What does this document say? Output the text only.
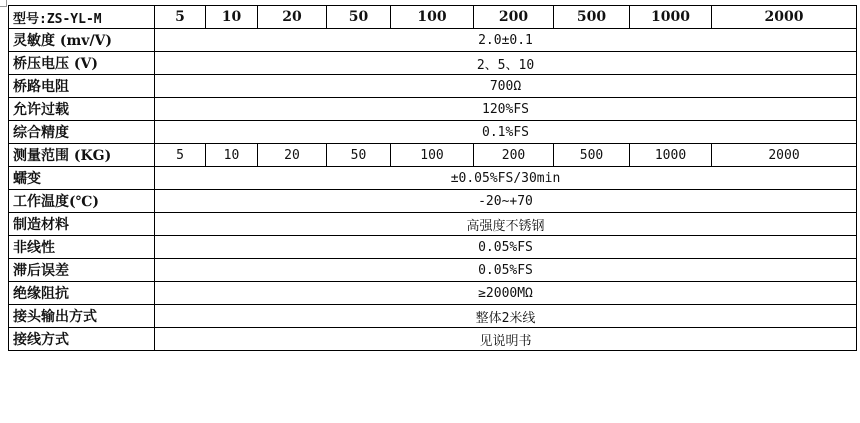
型号:ZS-YL-M	5	10	20	50	100	200	500	1000	2000
灵敏度 (mv/V)	2.0±0.1								
桥压电压 (V)	2、5、10								
桥路电阻	700Ω								
允许过载	120%FS								
综合精度	0.1%FS								
测量范围 (KG)	5	10	20	50	100	200	500	1000	2000
蠕变	±0.05%FS/30min								
工作温度(℃)	-20~+70								
制造材料	高强度不锈钢								
非线性	0.05%FS								
滞后误差	0.05%FS								
绝缘阻抗	≥2000MΩ								
接头输出方式	整体2米线								
接线方式	见说明书								
